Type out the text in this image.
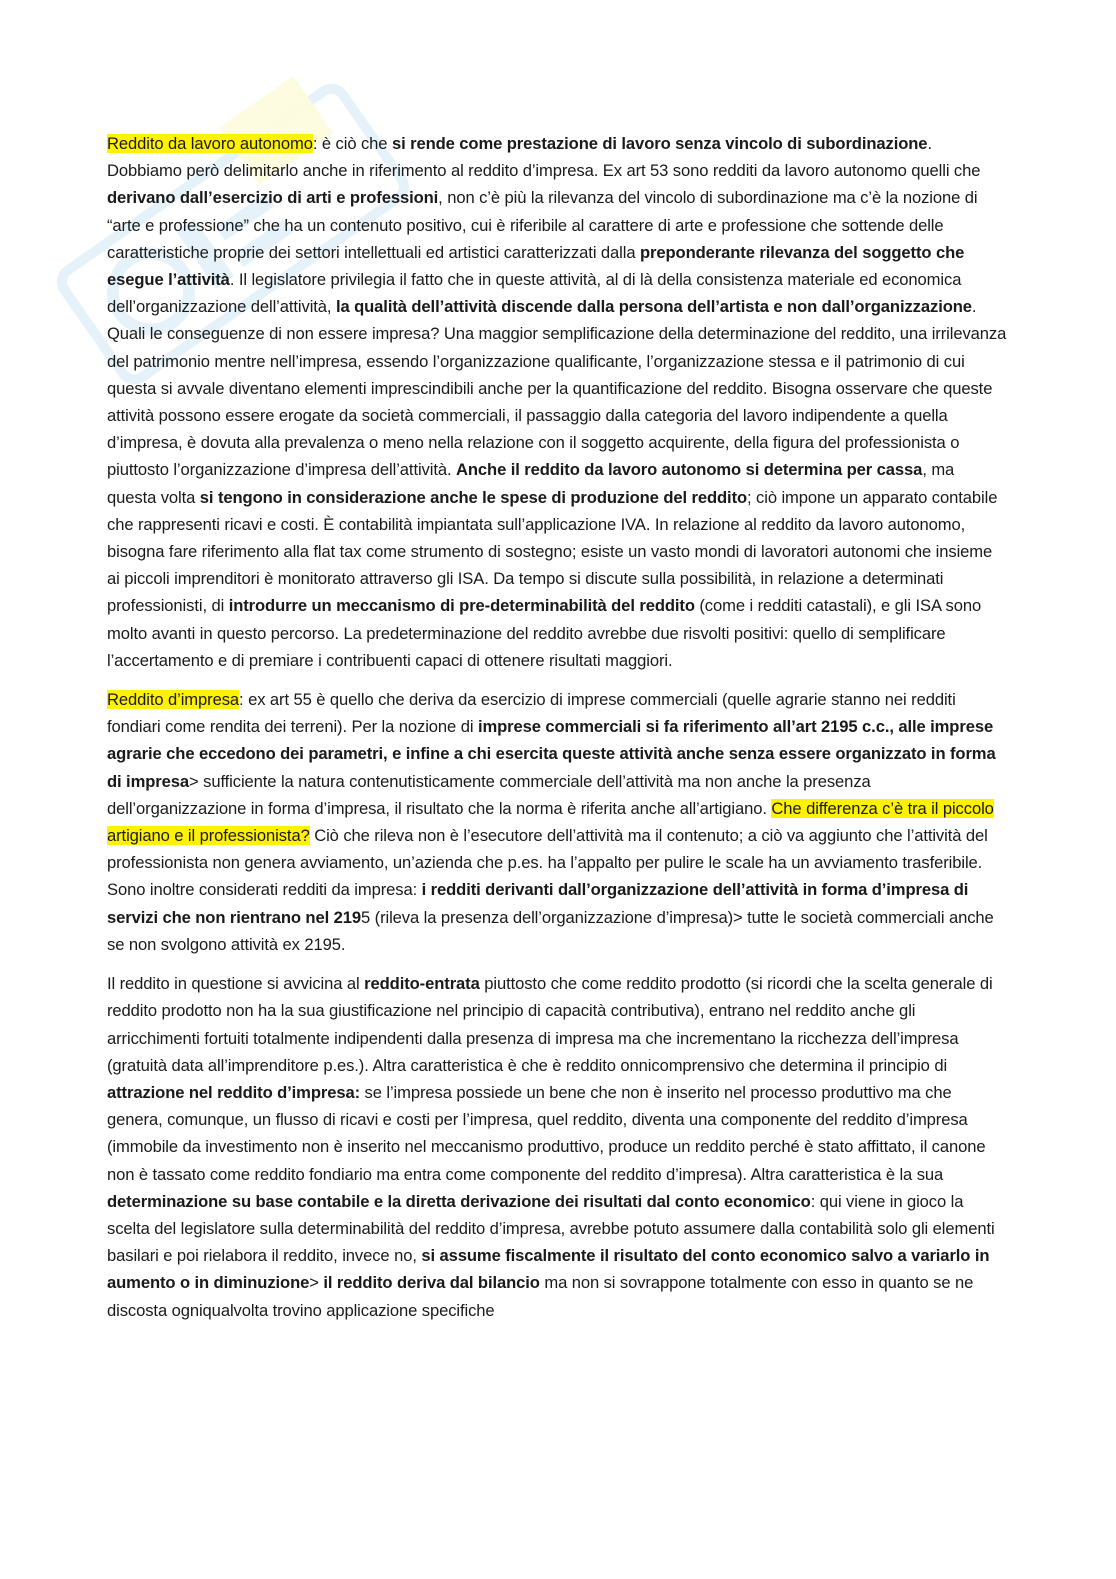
Reddito da lavoro autonomo: è ciò che si rende come prestazione di lavoro senza vincolo di subordinazione. Dobbiamo però delimitarlo anche in riferimento al reddito d’impresa. Ex art 53 sono redditi da lavoro autonomo quelli che derivano dall’esercizio di arti e professioni, non c’è più la rilevanza del vincolo di subordinazione ma c’è la nozione di “arte e professione” che ha un contenuto positivo, cui è riferibile al carattere di arte e professione che sottende delle caratteristiche proprie dei settori intellettuali ed artistici caratterizzati dalla preponderante rilevanza del soggetto che esegue l’attività. Il legislatore privilegia il fatto che in queste attività, al di là della consistenza materiale ed economica dell’organizzazione dell’attività, la qualità dell’attività discende dalla persona dell’artista e non dall’organizzazione. Quali le conseguenze di non essere impresa? Una maggior semplificazione della determinazione del reddito, una irrilevanza del patrimonio mentre nell’impresa, essendo l’organizzazione qualificante, l’organizzazione stessa e il patrimonio di cui questa si avvale diventano elementi imprescindibili anche per la quantificazione del reddito. Bisogna osservare che queste attività possono essere erogate da società commerciali, il passaggio dalla categoria del lavoro indipendente a quella d’impresa, è dovuta alla prevalenza o meno nella relazione con il soggetto acquirente, della figura del professionista o piuttosto l’organizzazione d’impresa dell’attività. Anche il reddito da lavoro autonomo si determina per cassa, ma questa volta si tengono in considerazione anche le spese di produzione del reddito; ciò impone un apparato contabile che rappresenti ricavi e costi. È contabilità impiantata sull’applicazione IVA. In relazione al reddito da lavoro autonomo, bisogna fare riferimento alla flat tax come strumento di sostegno; esiste un vasto mondi di lavoratori autonomi che insieme ai piccoli imprenditori è monitorato attraverso gli ISA. Da tempo si discute sulla possibilità, in relazione a determinati professionisti, di introdurre un meccanismo di pre-determinabilità del reddito (come i redditi catastali), e gli ISA sono molto avanti in questo percorso. La predeterminazione del reddito avrebbe due risvolti positivi: quello di semplificare l’accertamento e di premiare i contribuenti capaci di ottenere risultati maggiori.

Reddito d’impresa: ex art 55 è quello che deriva da esercizio di imprese commerciali (quelle agrarie stanno nei redditi fondiari come rendita dei terreni). Per la nozione di imprese commerciali si fa riferimento all’art 2195 c.c., alle imprese agrarie che eccedono dei parametri, e infine a chi esercita queste attività anche senza essere organizzato in forma di impresa> sufficiente la natura contenutisticamente commerciale dell’attività ma non anche la presenza dell’organizzazione in forma d’impresa, il risultato che la norma è riferita anche all’artigiano. Che differenza c’è tra il piccolo artigiano e il professionista? Ciò che rileva non è l’esecutore dell’attività ma il contenuto; a ciò va aggiunto che l’attività del professionista non genera avviamento, un’azienda che p.es. ha l’appalto per pulire le scale ha un avviamento trasferibile. Sono inoltre considerati redditi da impresa: i redditi derivanti dall’organizzazione dell’attività in forma d’impresa di servizi che non rientrano nel 2195 (rileva la presenza dell’organizzazione d’impresa)> tutte le società commerciali anche se non svolgono attività ex 2195.

Il reddito in questione si avvicina al reddito-entrata piuttosto che come reddito prodotto (si ricordi che la scelta generale di reddito prodotto non ha la sua giustificazione nel principio di capacità contributiva), entrano nel reddito anche gli arricchimenti fortuiti totalmente indipendenti dalla presenza di impresa ma che incrementano la ricchezza dell’impresa (gratuità data all’imprenditore p.es.). Altra caratteristica è che è reddito onnicomprensivo che determina il principio di attrazione nel reddito d’impresa: se l’impresa possiede un bene che non è inserito nel processo produttivo ma che genera, comunque, un flusso di ricavi e costi per l’impresa, quel reddito, diventa una componente del reddito d’impresa (immobile da investimento non è inserito nel meccanismo produttivo, produce un reddito perché è stato affittato, il canone non è tassato come reddito fondiario ma entra come componente del reddito d’impresa). Altra caratteristica è la sua determinazione su base contabile e la diretta derivazione dei risultati dal conto economico: qui viene in gioco la scelta del legislatore sulla determinabilità del reddito d’impresa, avrebbe potuto assumere dalla contabilità solo gli elementi basilari e poi rielabora il reddito, invece no, si assume fiscalmente il risultato del conto economico salvo a variarlo in aumento o in diminuzione> il reddito deriva dal bilancio ma non si sovrappone totalmente con esso in quanto se ne discosta ogniqualvolta trovino applicazione specifiche
